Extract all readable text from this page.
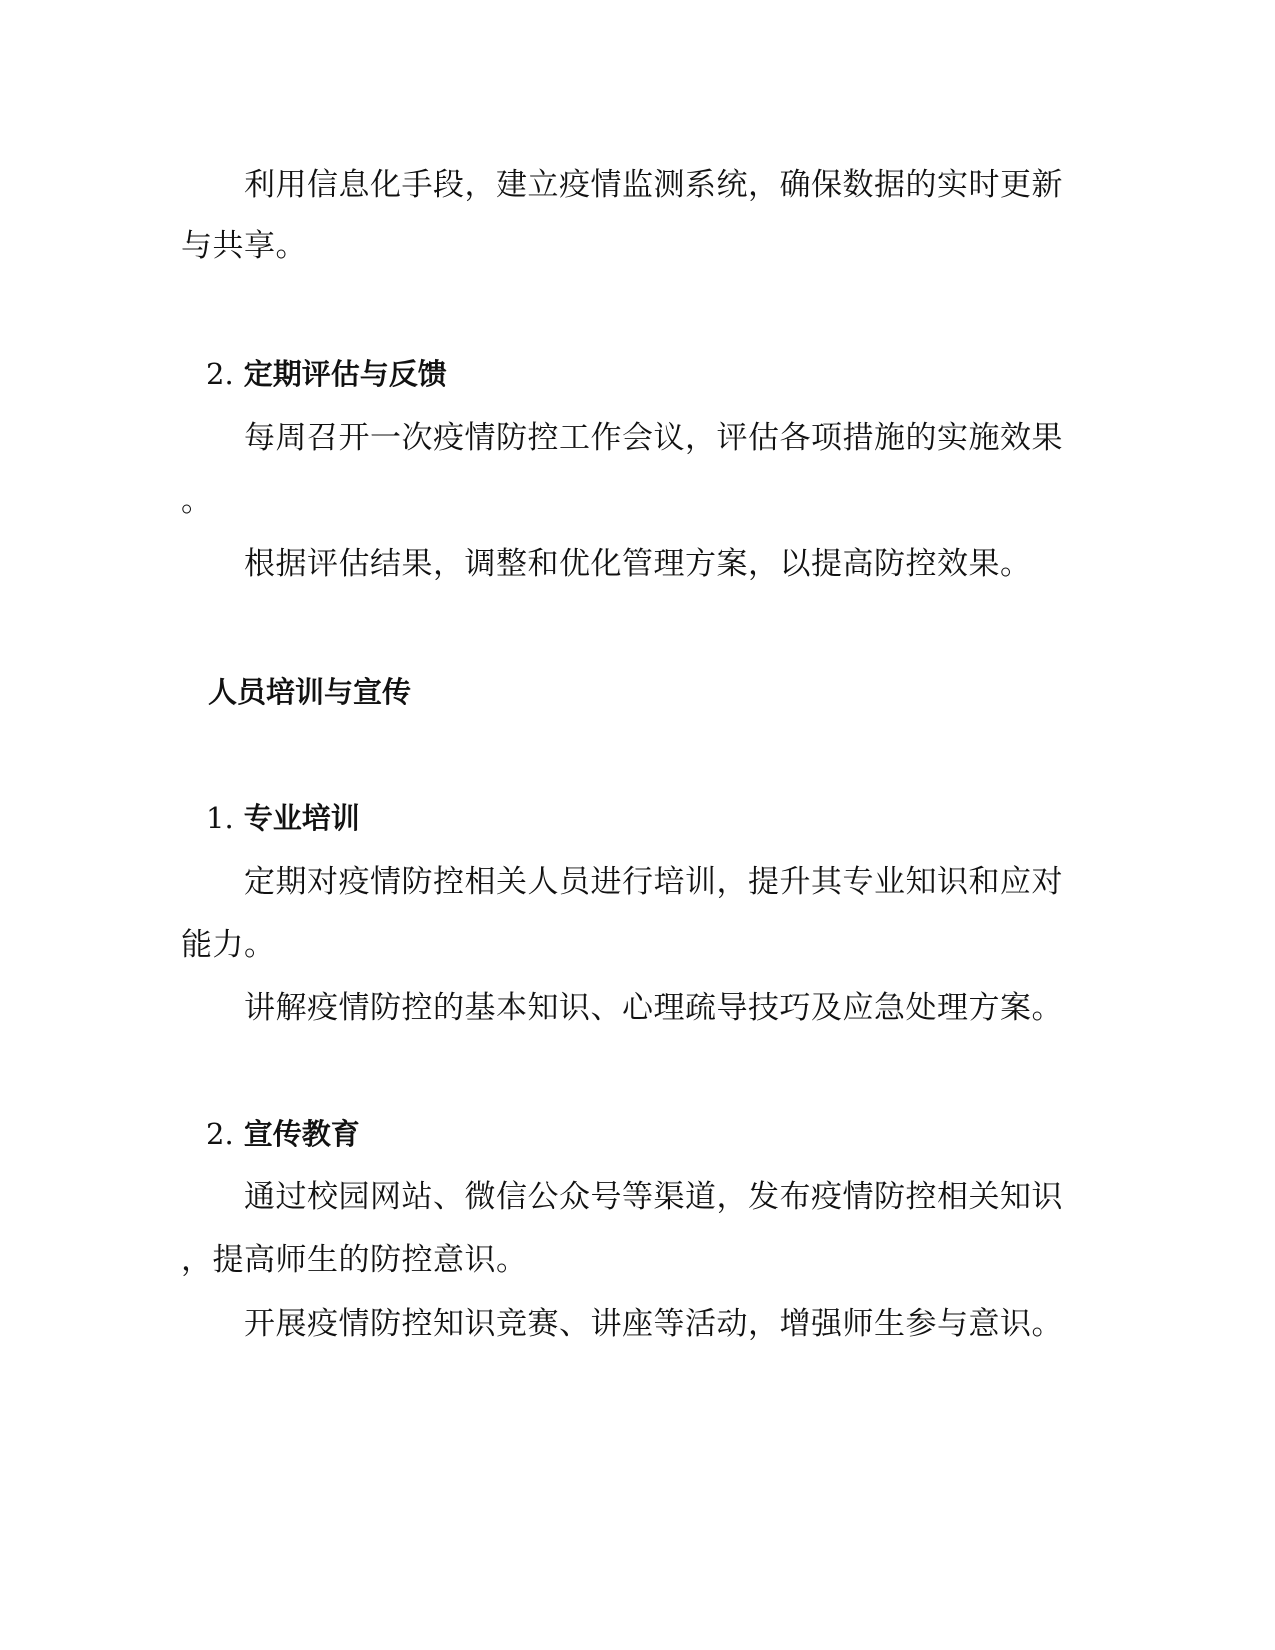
利用信息化手段，建立疫情监测系统，确保数据的实时更新
与共享。
2. 定期评估与反馈
每周召开一次疫情防控工作会议，评估各项措施的实施效果
。
根据评估结果，调整和优化管理方案，以提高防控效果。
人员培训与宣传
1. 专业培训
定期对疫情防控相关人员进行培训，提升其专业知识和应对
能力。
讲解疫情防控的基本知识、心理疏导技巧及应急处理方案。
2. 宣传教育
通过校园网站、微信公众号等渠道，发布疫情防控相关知识
，提高师生的防控意识。
开展疫情防控知识竞赛、讲座等活动，增强师生参与意识。
